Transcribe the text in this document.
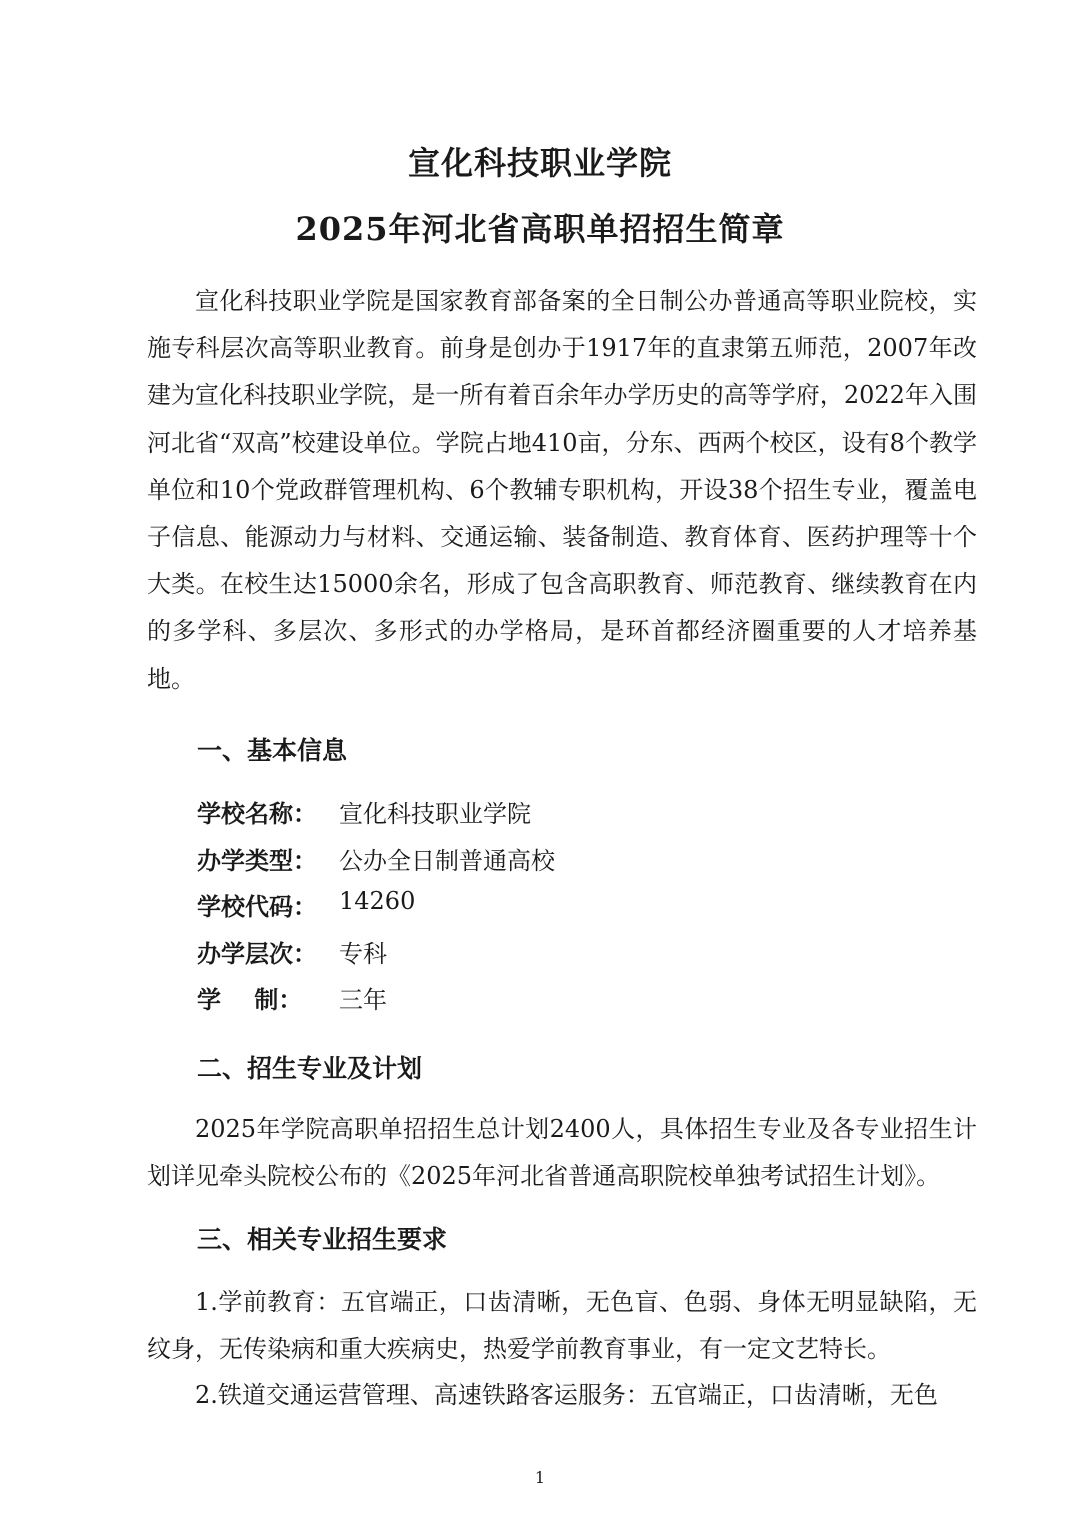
宣化科技职业学院
2025年河北省高职单招招生简章

宣化科技职业学院是国家教育部备案的全日制公办普通高等职业院校，实施专科层次高等职业教育。前身是创办于1917年的直隶第五师范，2007年改建为宣化科技职业学院，是一所有着百余年办学历史的高等学府，2022年入围河北省“双高”校建设单位。学院占地410亩，分东、西两个校区，设有8个教学单位和10个党政群管理机构、6个教辅专职机构，开设38个招生专业，覆盖电子信息、能源动力与材料、交通运输、装备制造、教育体育、医药护理等十个大类。在校生达15000余名，形成了包含高职教育、师范教育、继续教育在内的多学科、多层次、多形式的办学格局，是环首都经济圈重要的人才培养基地。

一、基本信息
学校名称： 宣化科技职业学院
办学类型： 公办全日制普通高校
学校代码： 14260
办学层次： 专科
学    制：	三年
二、招生专业及计划

2025年学院高职单招招生总计划2400人，具体招生专业及各专业招生计划详见牵头院校公布的《2025年河北省普通高职院校单独考试招生计划》。

三、相关专业招生要求

1.学前教育：五官端正，口齿清晰，无色盲、色弱、身体无明显缺陷，无纹身，无传染病和重大疾病史，热爱学前教育事业，有一定文艺特长。

2.铁道交通运营管理、高速铁路客运服务：五官端正，口齿清晰，无色

1
